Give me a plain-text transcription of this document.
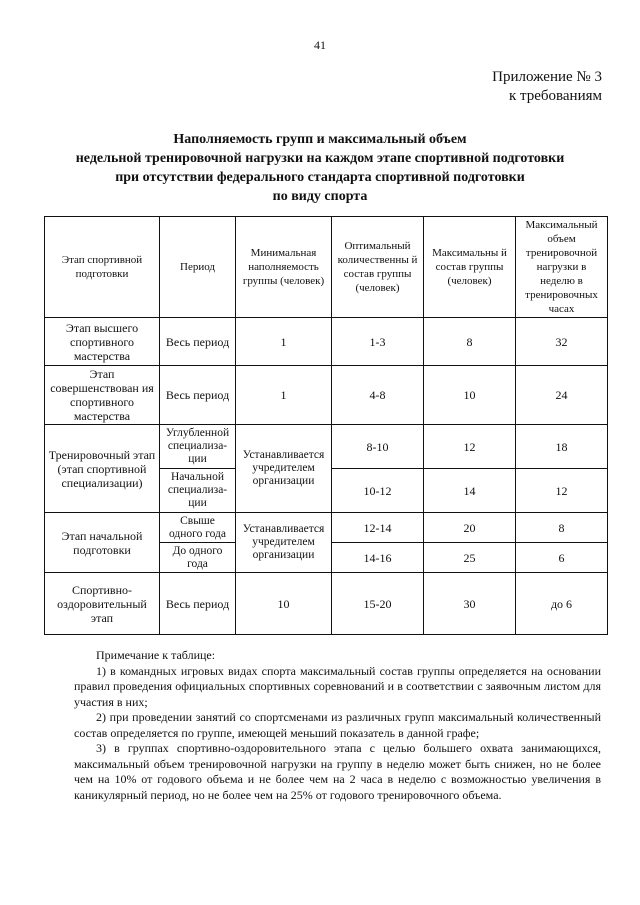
41
Приложение № 3
к требованиям
Наполняемость групп и максимальный объем
недельной тренировочной нагрузки на каждом этапе спортивной подготовки
при отсутствии федерального стандарта спортивной подготовки
по виду спорта
Этап спортивной подготовки	Период	Минимальная наполняемость группы (человек)	Оптимальный количественны й состав группы (человек)	Максимальны й состав группы (человек)	Максимальный объем тренировочной нагрузки в неделю в тренировочных часах
Этап высшего спортивного мастерства	Весь период	1	1-3	8	32
Этап совершенствован ия спортивного мастерства	Весь период	1	4-8	10	24
Тренировочный этап (этап спортивной специализации)	Углубленной специализа- ции	Устанавливается учредителем организации	8-10	12	18
	Начальной специализа- ции		10-12	14	12
Этап начальной подготовки	Свыше одного года	Устанавливается учредителем организации	12-14	20	8
	До одного года		14-16	25	6
Спортивно- оздоровительный этап	Весь период	10	15-20	30	до 6

Примечание к таблице:

1) в командных игровых видах спорта максимальный состав группы определяется на основании правил проведения официальных спортивных соревнований и в соответствии с заявочным листом для участия в них;

2) при проведении занятий со спортсменами из различных групп максимальный количественный состав определяется по группе, имеющей меньший показатель в данной графе;

3) в группах спортивно-оздоровительного этапа с целью большего охвата занимающихся, максимальный объем тренировочной нагрузки на группу в неделю может быть снижен, но не более чем на 10% от годового объема и не более чем на 2 часа в неделю с возможностью увеличения в каникулярный период, но не более чем на 25% от годового тренировочного объема.
